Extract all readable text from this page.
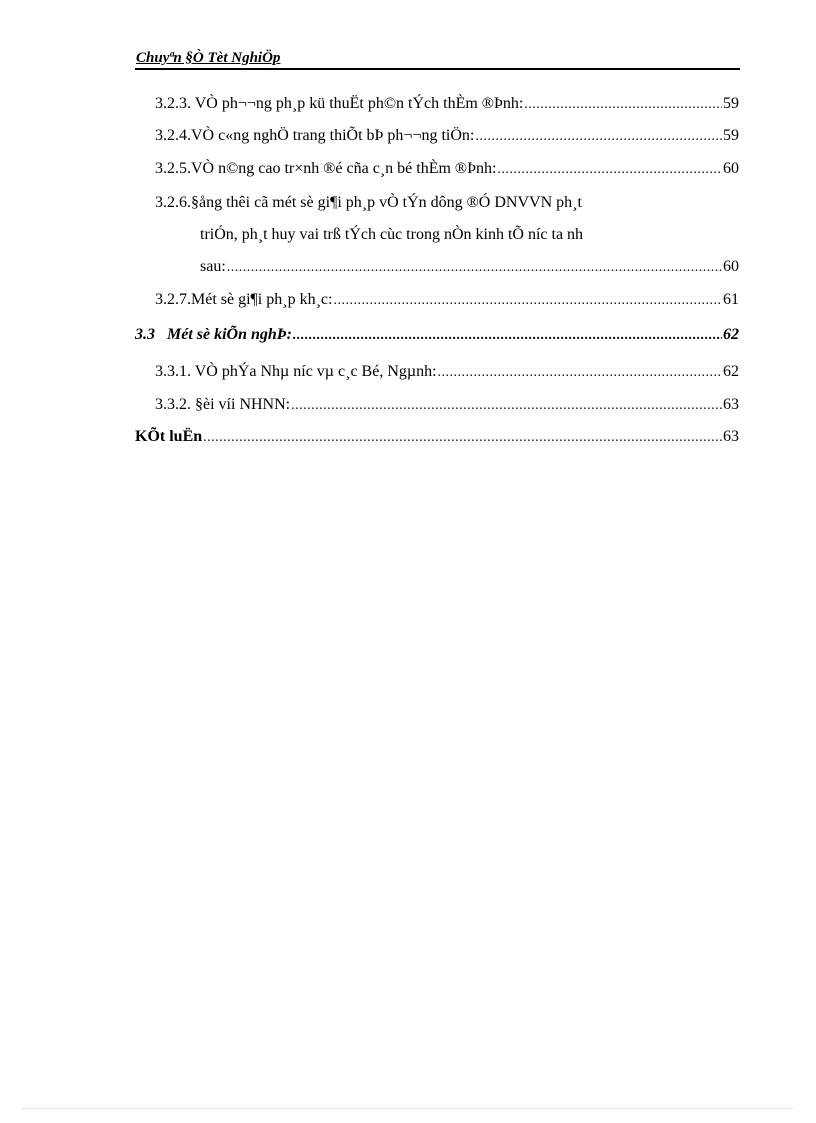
Chuyªn §Ò Tèt NghiÖp
3.2.3. VÒ ph¬¬ng ph¸p kü thuËt ph©n tÝch thÈm ®Þnh: .....	59
3.2.4.VÒ c«ng nghÖ trang thiÕt bÞ ph¬¬ng tiÖn: .....	59
3.2.5.VÒ n©ng cao tr×nh ®é cña c¸n bé thÈm ®Þnh: .....	60
3.2.6.§ång thêi cã mét sè gi¶i ph¸p vÒ tÝn dông ®Ó DNVVN ph¸t
triÓn, ph¸t huy vai trß tÝch cùc trong nÒn kinh tÕ níc ta nh
sau: .....	60
3.2.7.Mét sè gi¶i ph¸p kh¸c: .....	61
3.3   Mét sè kiÕn nghÞ: .....	62
3.3.1. VÒ phÝa Nhµ níc vµ c¸c Bé, Ngµnh: .....	62
3.3.2. §èi víi NHNN: .....	63
KÕt luËn .....	63
